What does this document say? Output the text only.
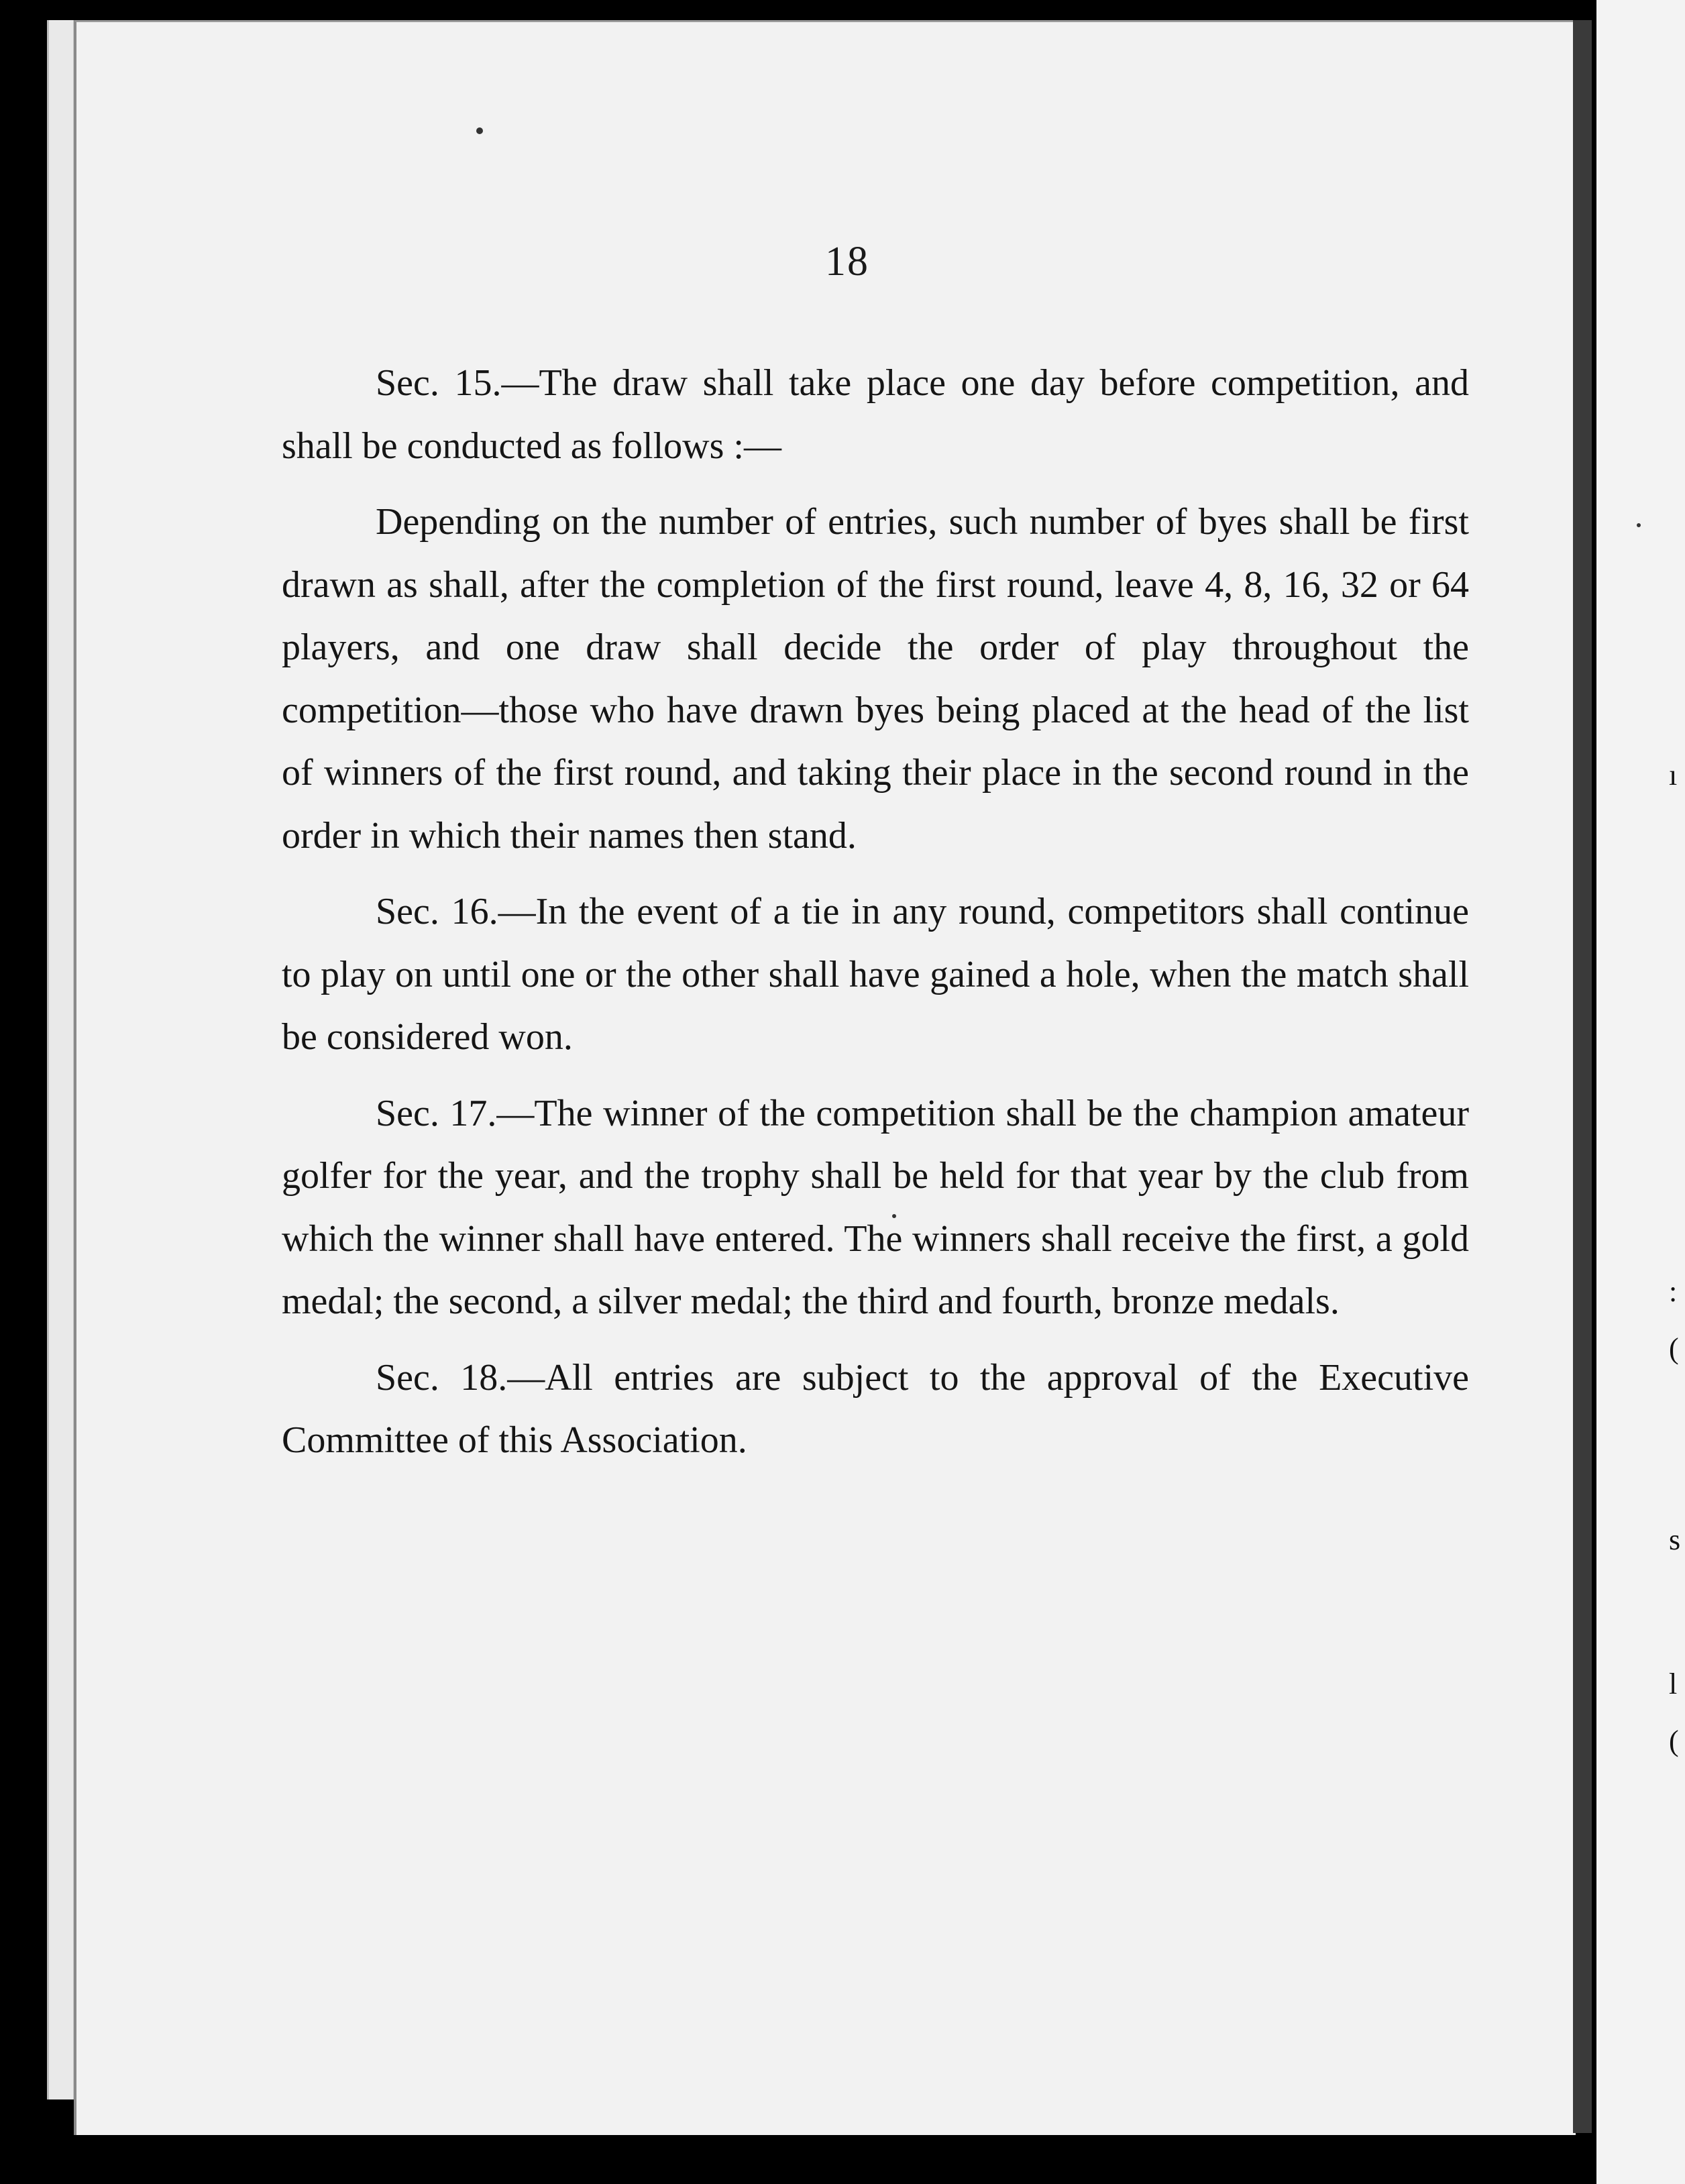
ı
:
(
s
l
(
18

Sec. 15.—The draw shall take place one day before competition, and shall be conducted as follows :—

Depending on the number of entries, such number of byes shall be first drawn as shall, after the completion of the first round, leave 4, 8, 16, 32 or 64 players, and one draw shall decide the order of play throughout the competition—those who have drawn byes being placed at the head of the list of winners of the first round, and taking their place in the second round in the order in which their names then stand.

Sec. 16.—In the event of a tie in any round, competitors shall continue to play on until one or the other shall have gained a hole, when the match shall be considered won.

Sec. 17.—The winner of the competition shall be the champion amateur golfer for the year, and the trophy shall be held for that year by the club from which the winner shall have entered. The winners shall receive the first, a gold medal; the second, a silver medal; the third and fourth, bronze medals.

Sec. 18.—All entries are subject to the approval of the Executive Committee of this Association.
